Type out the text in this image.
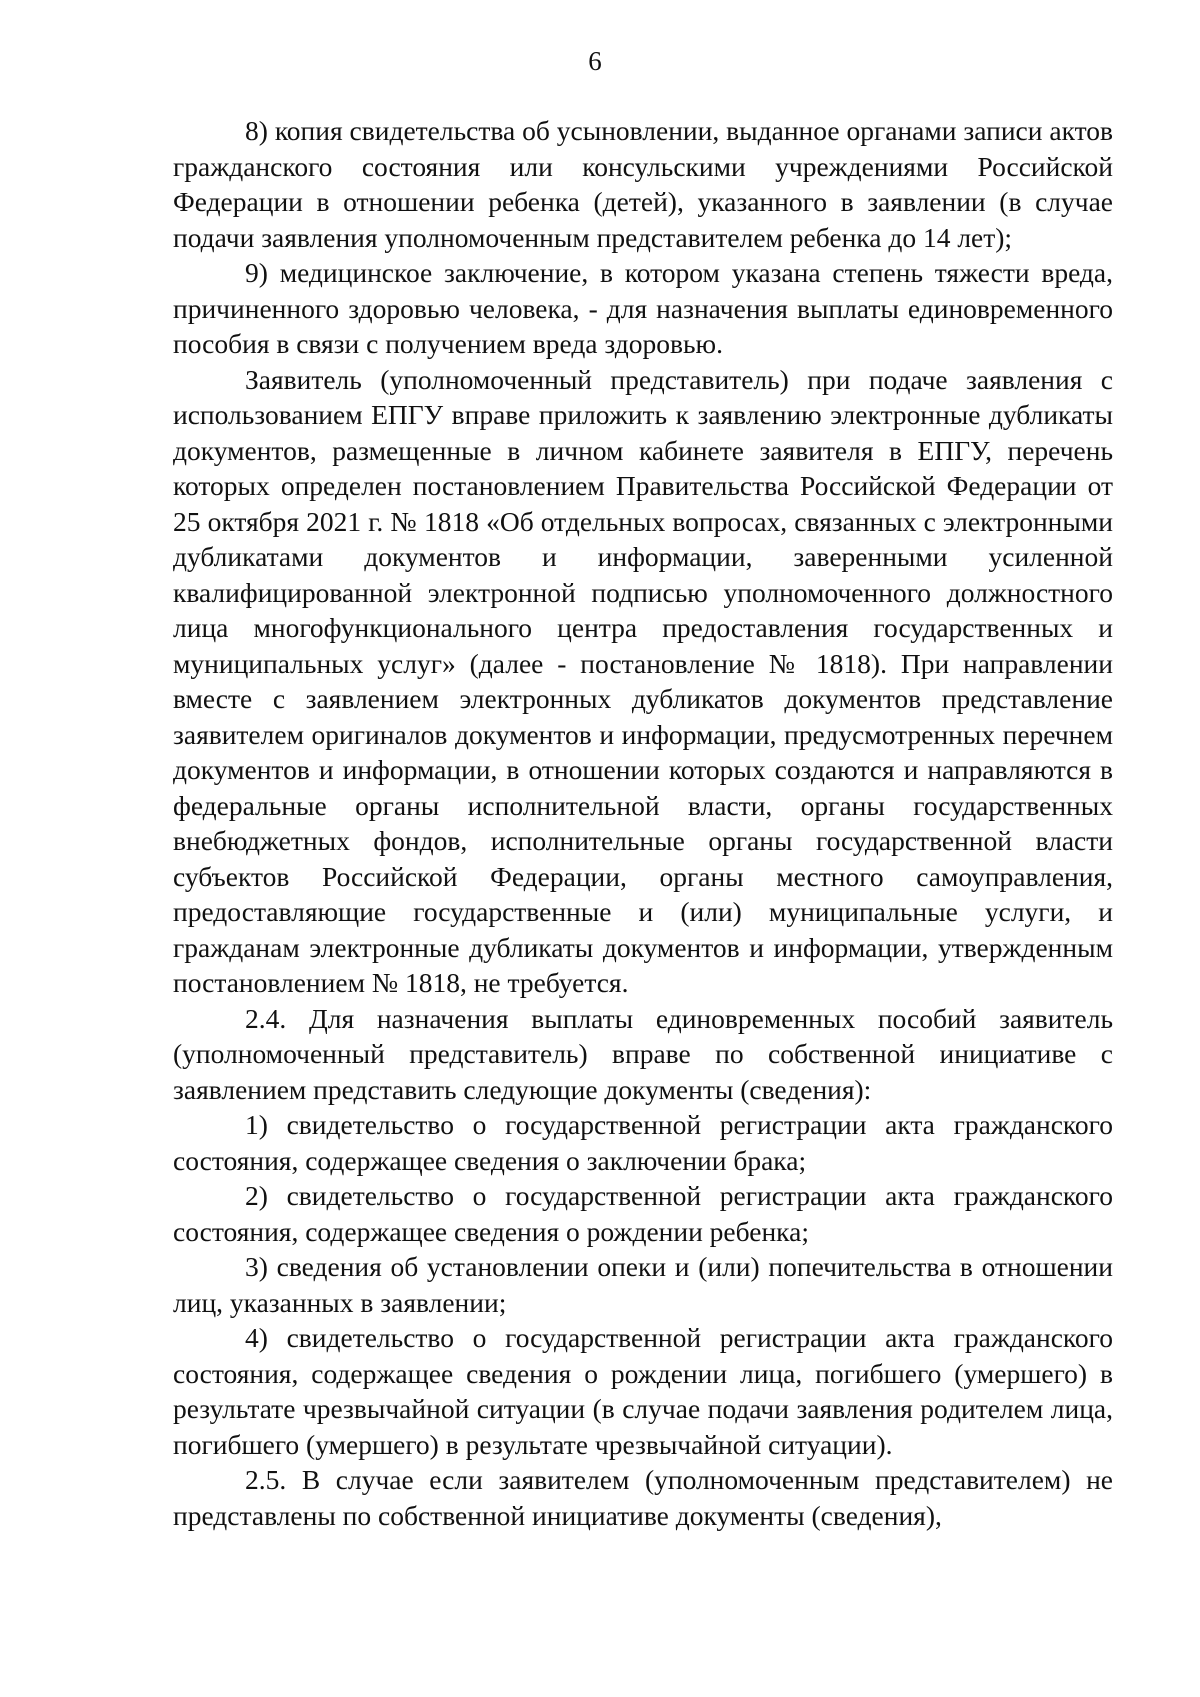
6

8) копия свидетельства об усыновлении, выданное органами записи актов гражданского состояния или консульскими учреждениями Российской Федерации в отношении ребенка (детей), указанного в заявлении (в случае подачи заявления уполномоченным представителем ребенка до 14 лет);

9) медицинское заключение, в котором указана степень тяжести вреда, причиненного здоровью человека, - для назначения выплаты единовременного пособия в связи с получением вреда здоровью.

Заявитель (уполномоченный представитель) при подаче заявления с использованием ЕПГУ вправе приложить к заявлению электронные дубликаты документов, размещенные в личном кабинете заявителя в ЕПГУ, перечень которых определен постановлением Правительства Российской Федерации от 25 октября 2021 г. № 1818 «Об отдельных вопросах, связанных с электронными дубликатами документов и информации, заверенными усиленной квалифицированной электронной подписью уполномоченного должностного лица многофункционального центра предоставления государственных и муниципальных услуг» (далее - постановление № 1818). При направлении вместе с заявлением электронных дубликатов документов представление заявителем оригиналов документов и информации, предусмотренных перечнем документов и информации, в отношении которых создаются и направляются в федеральные органы исполнительной власти, органы государственных внебюджетных фондов, исполнительные органы государственной власти субъектов Российской Федерации, органы местного самоуправления, предоставляющие государственные и (или) муниципальные услуги, и гражданам электронные дубликаты документов и информации, утвержденным постановлением № 1818, не требуется.

2.4. Для назначения выплаты единовременных пособий заявитель (уполномоченный представитель) вправе по собственной инициативе с заявлением представить следующие документы (сведения):

1) свидетельство о государственной регистрации акта гражданского состояния, содержащее сведения о заключении брака;

2) свидетельство о государственной регистрации акта гражданского состояния, содержащее сведения о рождении ребенка;

3) сведения об установлении опеки и (или) попечительства в отношении лиц, указанных в заявлении;

4) свидетельство о государственной регистрации акта гражданского состояния, содержащее сведения о рождении лица, погибшего (умершего) в результате чрезвычайной ситуации (в случае подачи заявления родителем лица, погибшего (умершего) в результате чрезвычайной ситуации).

2.5. В случае если заявителем (уполномоченным представителем) не представлены по собственной инициативе документы (сведения),
